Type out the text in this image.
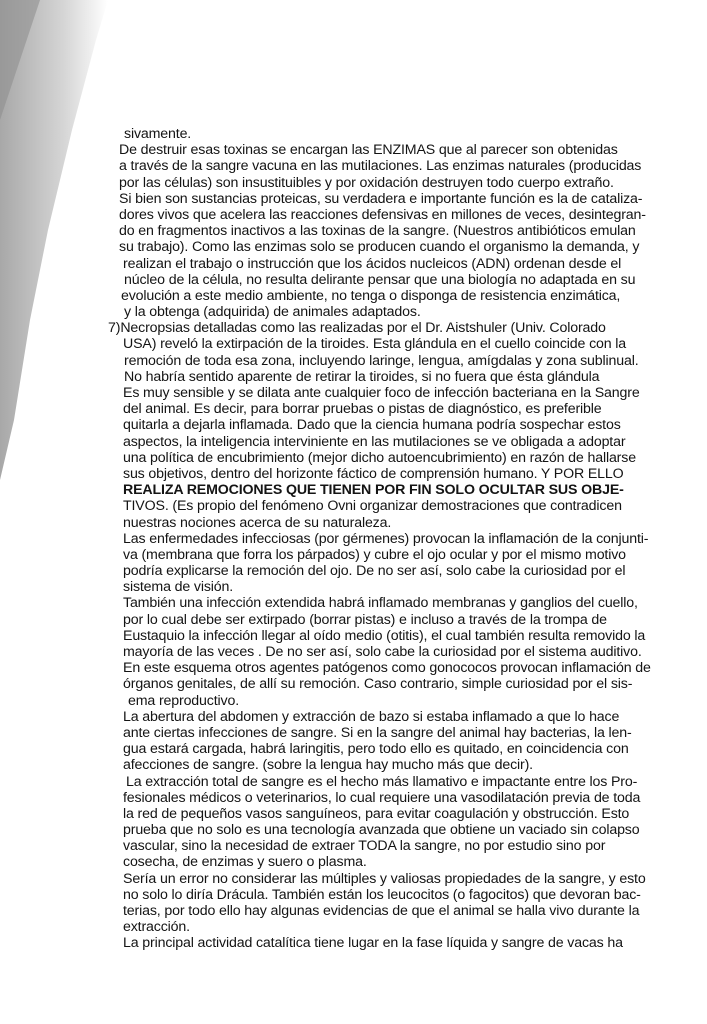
sivamente.
De destruir esas toxinas se encargan las ENZIMAS que al parecer son obtenidas
a través de la sangre vacuna en las mutilaciones. Las enzimas naturales (producidas
por las células) son insustituibles y por oxidación destruyen todo cuerpo extraño.
Si bien son sustancias proteicas, su verdadera e importante función es la de cataliza-
dores vivos que acelera las reacciones defensivas en millones de veces, desintegran-
do en fragmentos inactivos a las toxinas de la sangre. (Nuestros antibióticos emulan
su trabajo). Como las enzimas solo se producen cuando el organismo la demanda, y
realizan el trabajo o instrucción que los ácidos nucleicos (ADN) ordenan desde el
núcleo de la célula, no resulta delirante pensar que una biología no adaptada en su
evolución a este medio ambiente, no tenga o disponga de resistencia enzimática,
y la obtenga (adquirida) de animales adaptados.
7)Necropsias detalladas como las realizadas por el Dr. Aistshuler (Univ. Colorado
USA) reveló la extirpación de la tiroides. Esta glándula en el cuello coincide con la
remoción de toda esa zona, incluyendo laringe, lengua, amígdalas y zona sublinual.
No habría sentido aparente de retirar la tiroides, si no fuera que ésta glándula
Es muy sensible y se dilata ante cualquier foco de infección bacteriana en la Sangre
del animal. Es decir, para borrar pruebas o pistas de diagnóstico, es preferible
quitarla a dejarla inflamada. Dado que la ciencia humana podría sospechar estos
aspectos, la inteligencia interviniente en las mutilaciones se ve obligada a adoptar
una política de encubrimiento (mejor dicho autoencubrimiento) en razón de hallarse
sus objetivos, dentro del horizonte fáctico de comprensión humano. Y POR ELLO
REALIZA REMOCIONES QUE TIENEN POR FIN SOLO OCULTAR SUS OBJE-
TIVOS. (Es propio del fenómeno Ovni organizar demostraciones que contradicen
nuestras nociones acerca de su naturaleza.
Las enfermedades infecciosas (por gérmenes) provocan la inflamación de la conjunti-
va (membrana que forra los párpados) y cubre el ojo ocular y por el mismo motivo
podría explicarse la remoción del ojo. De no ser así, solo cabe la curiosidad por el
sistema de visión.
También una infección extendida habrá inflamado membranas y ganglios del cuello,
por lo cual debe ser extirpado (borrar pistas) e incluso a través de la trompa de
Eustaquio la infección llegar al oído medio (otitis), el cual también resulta removido la
mayoría de las veces . De no ser así, solo cabe la curiosidad por el sistema auditivo.
En este esquema otros agentes patógenos como gonococos provocan inflamación de
órganos genitales, de allí su remoción. Caso contrario, simple curiosidad por el sis-
ema reproductivo.
La abertura del abdomen y extracción de bazo si estaba inflamado a que lo hace
ante ciertas infecciones de sangre. Si en la sangre del animal hay bacterias, la len-
gua estará cargada, habrá laringitis, pero todo ello es quitado, en coincidencia con
afecciones de sangre. (sobre la lengua hay mucho más que decir).
La extracción total de sangre es el hecho más llamativo e impactante entre los Pro-
fesionales médicos o veterinarios, lo cual requiere una vasodilatación previa de toda
la red de pequeños vasos sanguíneos, para evitar coagulación y obstrucción. Esto
prueba que no solo es una tecnología avanzada que obtiene un vaciado sin colapso
vascular, sino la necesidad de extraer TODA la sangre, no por estudio sino por
cosecha, de enzimas y suero o plasma.
Sería un error no considerar las múltiples y valiosas propiedades de la sangre, y esto
no solo lo diría Drácula. También están los leucocitos (o fagocitos) que devoran bac-
terias, por todo ello hay algunas evidencias de que el animal se halla vivo durante la
extracción.
La principal actividad catalítica tiene lugar en la fase líquida y sangre de vacas ha
